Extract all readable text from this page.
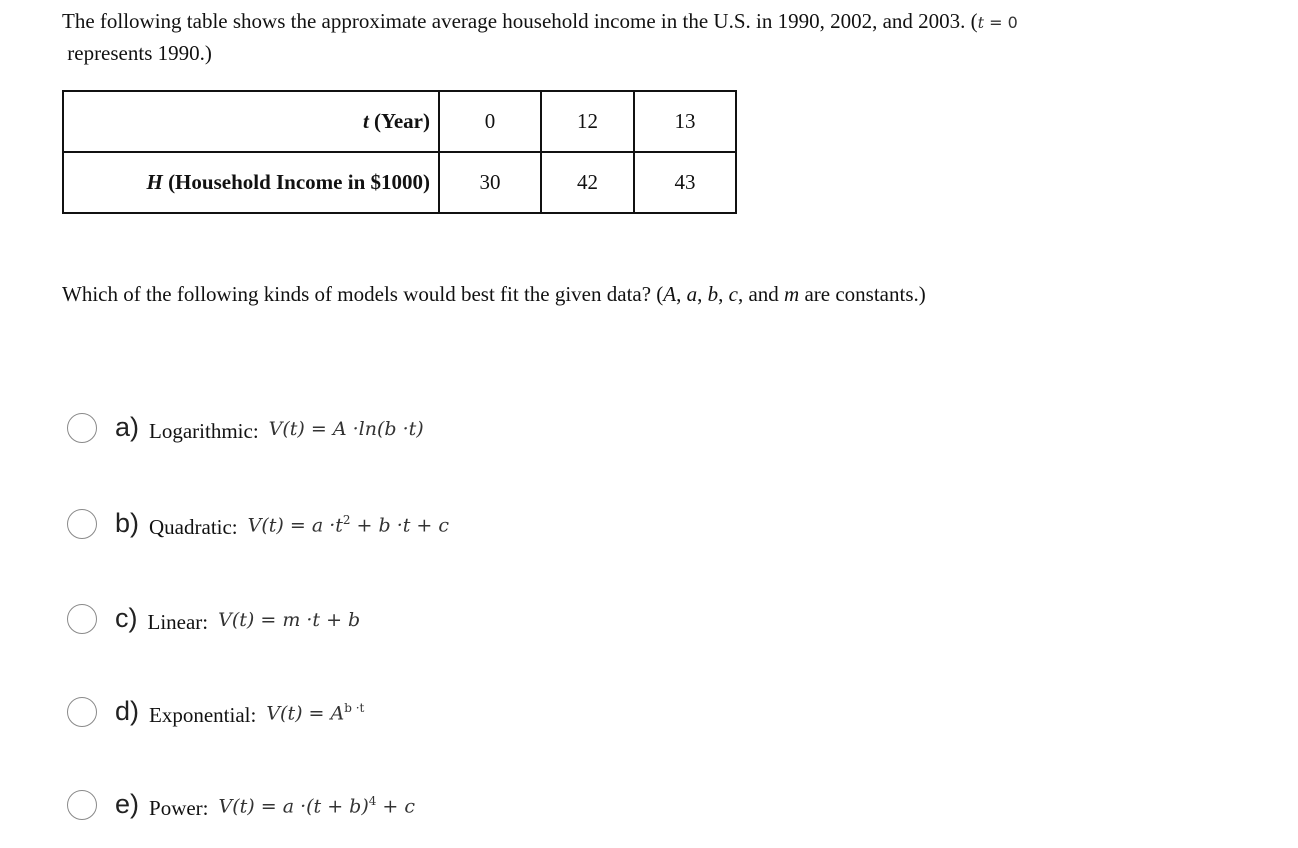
The following table shows the approximate average household income in the U.S. in 1990, 2002, and 2003. (t = 0
represents 1990.)
t (Year)	0	12	13
H (Household Income in $1000)	30	42	43
Which of the following kinds of models would best fit the given data? (A, a, b, c, and m are constants.)
a) Logarithmic: V(t) = A ·ln(b ·t)
b) Quadratic: $V(t) = a \cdot t^2 + b \cdot t + c$
c) Linear: V(t) = m ·t + b
d) Exponential: $V(t) = A^{b \cdot t}$
e) Power: $V(t) = a \cdot(t + b)^4 + c$
